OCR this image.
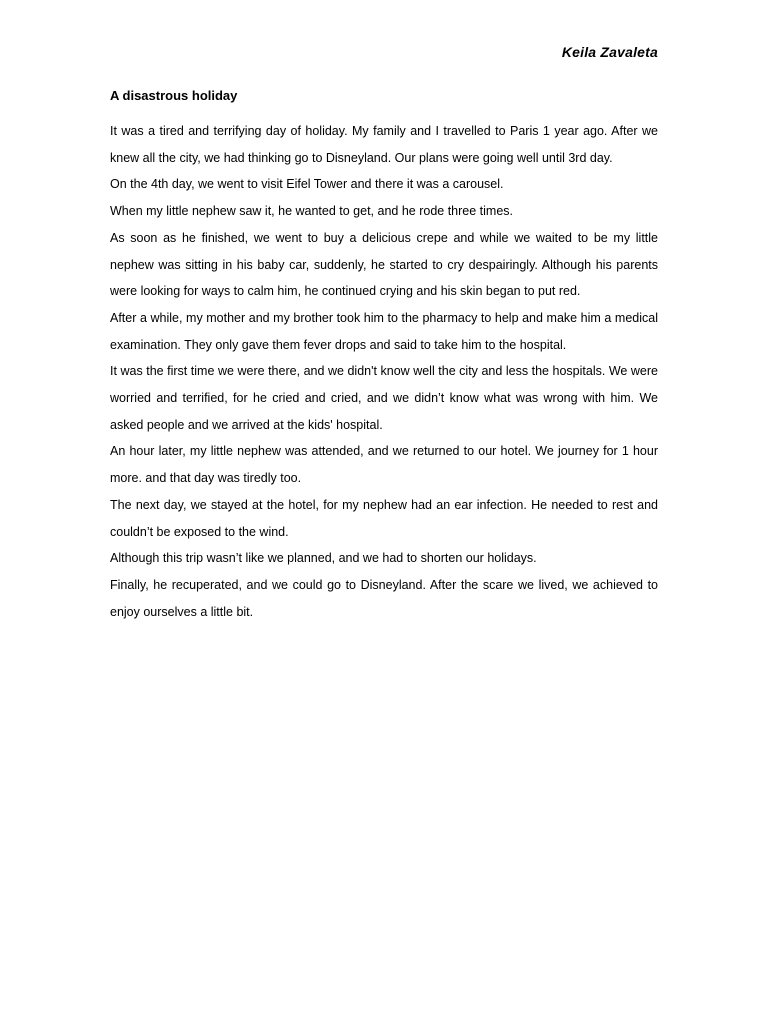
Keila Zavaleta
A disastrous holiday

It was a tired and terrifying day of holiday. My family and I travelled to Paris 1 year ago. After we knew all the city, we had thinking go to Disneyland. Our plans were going well until 3rd day.

On the 4th day, we went to visit Eifel Tower and there it was a carousel.

When my little nephew saw it, he wanted to get, and he rode three times.

As soon as he finished, we went to buy a delicious crepe and while we waited to be my little nephew was sitting in his baby car, suddenly, he started to cry despairingly. Although his parents were looking for ways to calm him, he continued crying and his skin began to put red.

After a while, my mother and my brother took him to the pharmacy to help and make him a medical examination. They only gave them fever drops and said to take him to the hospital.

It was the first time we were there, and we didn't know well the city and less the hospitals. We were worried and terrified, for he cried and cried, and we didn’t know what was wrong with him. We asked people and we arrived at the kids' hospital.

An hour later, my little nephew was attended, and we returned to our hotel. We journey for 1 hour more. and that day was tiredly too.

The next day, we stayed at the hotel, for my nephew had an ear infection. He needed to rest and couldn’t be exposed to the wind.

Although this trip wasn’t like we planned, and we had to shorten our holidays.

Finally, he recuperated, and we could go to Disneyland. After the scare we lived, we achieved to enjoy ourselves a little bit.
